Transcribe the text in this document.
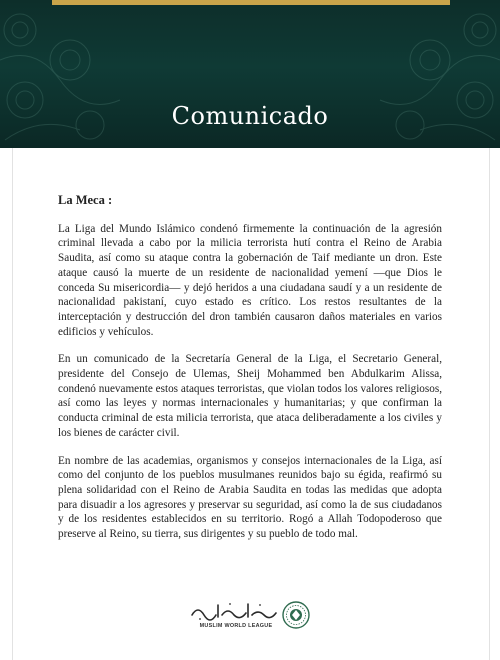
Comunicado
La Meca :

La Liga del Mundo Islámico condenó firmemente la continuación de la agresión criminal llevada a cabo por la milicia terrorista hutí contra el Reino de Arabia Saudita, así como su ataque contra la gobernación de Taif mediante un dron. Este ataque causó la muerte de un residente de nacionalidad yemení —que Dios le conceda Su misericordia— y dejó heridos a una ciudadana saudí y a un residente de nacionalidad pakistaní, cuyo estado es crítico. Los restos resultantes de la interceptación y destrucción del dron también causaron daños materiales en varios edificios y vehículos.

En un comunicado de la Secretaría General de la Liga, el Secretario General, presidente del Consejo de Ulemas, Sheij Mohammed ben Abdulkarim Alissa, condenó nuevamente estos ataques terroristas, que violan todos los valores religiosos, así como las leyes y normas internacionales y humanitarias; y que confirman la conducta criminal de esta milicia terrorista, que ataca deliberadamente a los civiles y los bienes de carácter civil.

En nombre de las academias, organismos y consejos internacionales de la Liga, así como del conjunto de los pueblos musulmanes reunidos bajo su égida, reafirmó su plena solidaridad con el Reino de Arabia Saudita en todas las medidas que adopta para disuadir a los agresores y preservar su seguridad, así como la de sus ciudadanos y de los residentes establecidos en su territorio. Rogó a Allah Todopoderoso que preserve al Reino, su tierra, sus dirigentes y su pueblo de todo mal.

MUSLIM WORLD LEAGUE
